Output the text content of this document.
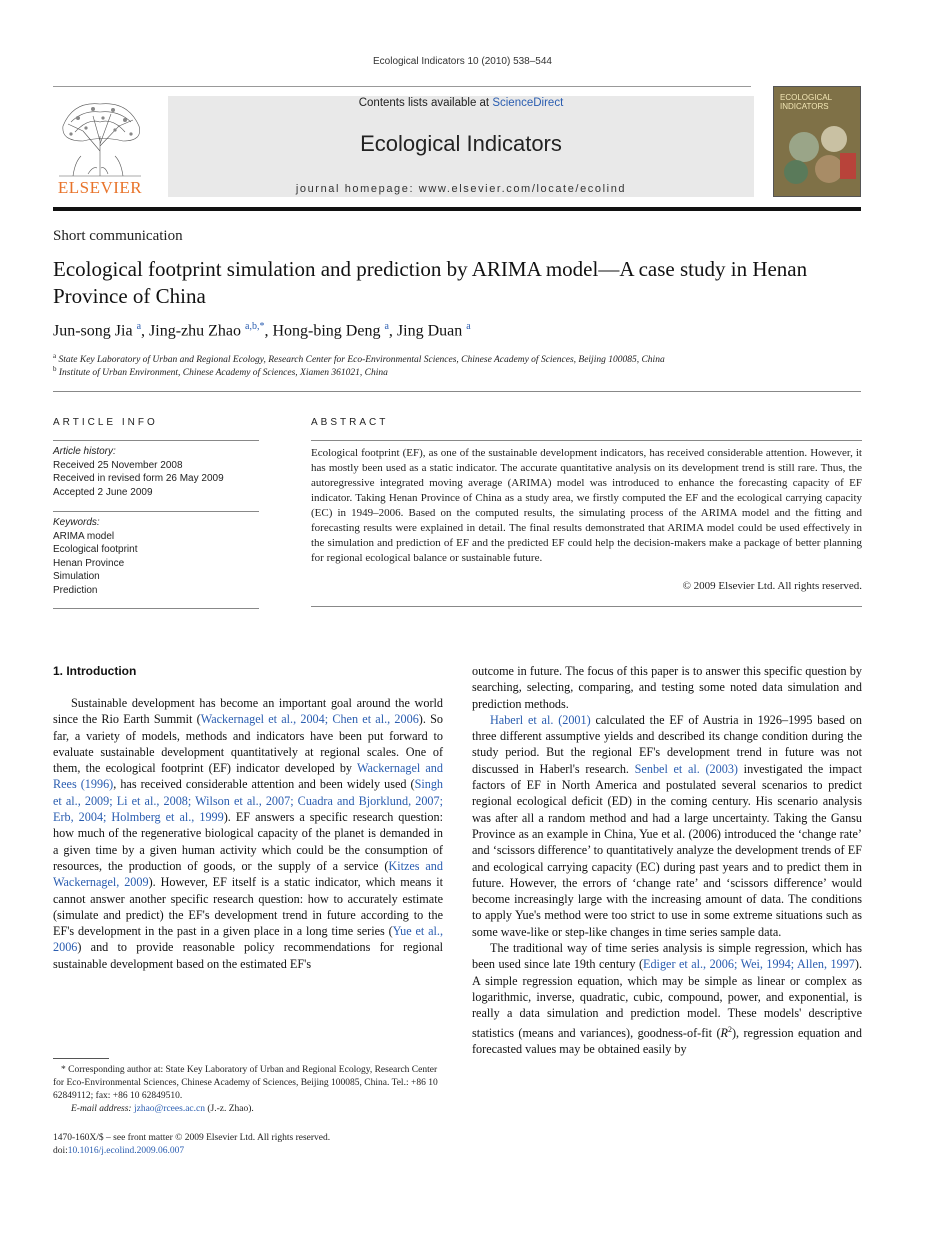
Ecological Indicators 10 (2010) 538–544
ELSEVIER
Contents lists available at ScienceDirect
Ecological Indicators
journal homepage: www.elsevier.com/locate/ecolind
ECOLOGICAL INDICATORS
Short communication
Ecological footprint simulation and prediction by ARIMA model—A case study in Henan Province of China
Jun-song Jia $^a$, Jing-zhu Zhao $^{a,b,*}$, Hong-bing Deng $^a$, Jing Duan $^a$
$^a$ State Key Laboratory of Urban and Regional Ecology, Research Center for Eco-Environmental Sciences, Chinese Academy of Sciences, Beijing 100085, China
$^b$ Institute of Urban Environment, Chinese Academy of Sciences, Xiamen 361021, China
ARTICLE INFO
Article history:
Received 25 November 2008
Received in revised form 26 May 2009
Accepted 2 June 2009
Keywords:
ARIMA model
Ecological footprint
Henan Province
Simulation
Prediction
ABSTRACT
Ecological footprint (EF), as one of the sustainable development indicators, has received considerable attention. However, it has mostly been used as a static indicator. The accurate quantitative analysis on its development trend is still rare. Thus, the autoregressive integrated moving average (ARIMA) model was introduced to enhance the forecasting capacity of EF indicator. Taking Henan Province of China as a study area, we firstly computed the EF and the ecological carrying capacity (EC) in 1949–2006. Based on the computed results, the simulating process of the ARIMA model and the fitting and forecasting results were explained in detail. The final results demonstrated that ARIMA model could be used effectively in the simulation and prediction of EF and the predicted EF could help the decision-makers make a package of better planning for regional ecological balance or sustainable future.
© 2009 Elsevier Ltd. All rights reserved.
1. Introduction

Sustainable development has become an important goal around the world since the Rio Earth Summit (Wackernagel et al., 2004; Chen et al., 2006). So far, a variety of models, methods and indicators have been put forward to evaluate sustainable development quantitatively at regional scales. One of them, the ecological footprint (EF) indicator developed by Wackernagel and Rees (1996), has received considerable attention and been widely used (Singh et al., 2009; Li et al., 2008; Wilson et al., 2007; Cuadra and Bjorklund, 2007; Erb, 2004; Holmberg et al., 1999). EF answers a specific research question: how much of the regenerative biological capacity of the planet is demanded in a given time by a given human activity which could be the consumption of resources, the production of goods, or the supply of a service (Kitzes and Wackernagel, 2009). However, EF itself is a static indicator, which means it cannot answer another specific research question: how to accurately estimate (simulate and predict) the EF's development trend in future according to the EF's development in the past in a given place in a long time series (Yue et al., 2006) and to provide reasonable policy recommendations for regional sustainable development based on the estimated EF's

outcome in future. The focus of this paper is to answer this specific question by searching, selecting, comparing, and testing some noted data simulation and prediction methods.

Haberl et al. (2001) calculated the EF of Austria in 1926–1995 based on three different assumptive yields and described its change condition during the study period. But the regional EF's development trend in future was not discussed in Haberl's research. Senbel et al. (2003) investigated the impact factors of EF in North America and postulated several scenarios to predict regional ecological deficit (ED) in the coming century. His scenario analysis was after all a random method and had a large uncertainty. Taking the Gansu Province as an example in China, Yue et al. (2006) introduced the ‘change rate’ and ‘scissors difference’ to quantitatively analyze the development trends of EF and ecological carrying capacity (EC) during past years and to predict them in future. However, the errors of ‘change rate’ and ‘scissors difference’ would become increasingly large with the increasing amount of data. The conditions to apply Yue's method were too strict to use in some extreme situations such as some wave-like or step-like changes in time series sample data.

The traditional way of time series analysis is simple regression, which has been used since late 19th century (Ediger et al., 2006; Wei, 1994; Allen, 1997). A simple regression equation, which may be simple as linear or complex as logarithmic, inverse, quadratic, cubic, compound, power, and exponential, is really a data simulation and prediction model. These models' descriptive statistics (means and variances), goodness-of-fit $(R^2)$, regression equation and forecasted values may be obtained easily by

* Corresponding author at: State Key Laboratory of Urban and Regional Ecology, Research Center for Eco-Environmental Sciences, Chinese Academy of Sciences, Beijing 100085, China. Tel.: +86 10 62849112; fax: +86 10 62849510.
E-mail address: jzhao@rcees.ac.cn (J.-z. Zhao).
1470-160X/$ – see front matter © 2009 Elsevier Ltd. All rights reserved.
doi:10.1016/j.ecolind.2009.06.007
